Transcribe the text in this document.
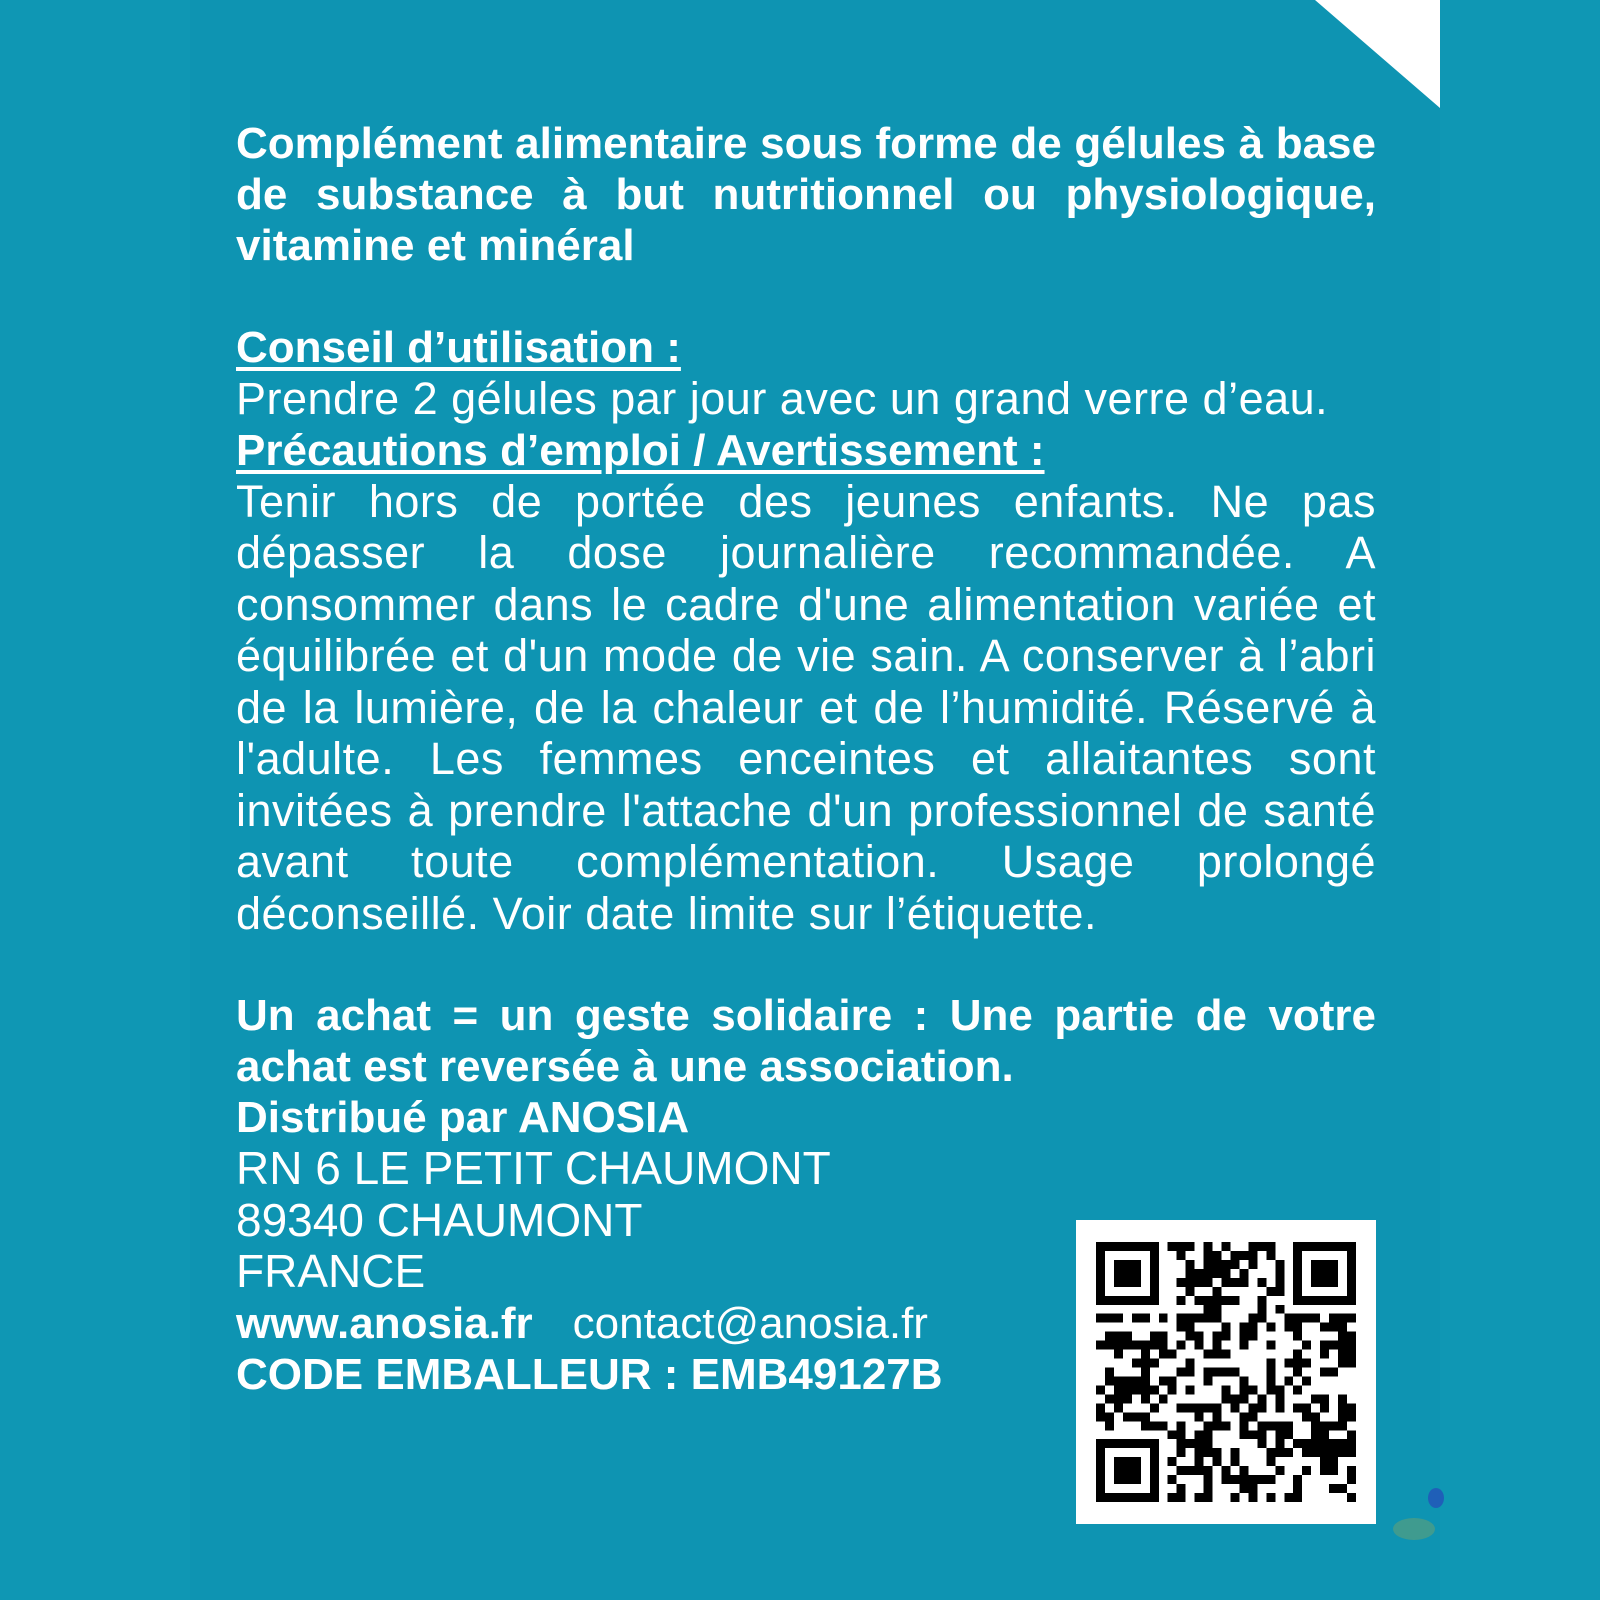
Complément alimentaire sous forme de gélules à base de substance à but nutritionnel ou physiologique, vitamine et minéral

Conseil d’utilisation :

Prendre 2 gélules par jour avec un grand verre d’eau.

Précautions d’emploi / Avertissement :

Tenir hors de portée des jeunes enfants. Ne pas dépasser la dose journalière recommandée. A consommer dans le cadre d'une alimentation variée et équilibrée et d'un mode de vie sain. A conserver à l’abri de la lumière, de la chaleur et de l’humidité. Réservé à l'adulte. Les femmes enceintes et allaitantes sont invitées à prendre l'attache d'un professionnel de santé avant toute complémentation. Usage prolongé déconseillé. Voir date limite sur l’étiquette.

Un achat = un geste solidaire : Une partie de votre achat est reversée à une association.

Distribué par ANOSIA

RN 6 LE PETIT CHAUMONT

89340 CHAUMONT

FRANCE

www.anosia.fr contact@anosia.fr

CODE EMBALLEUR : EMB49127B
